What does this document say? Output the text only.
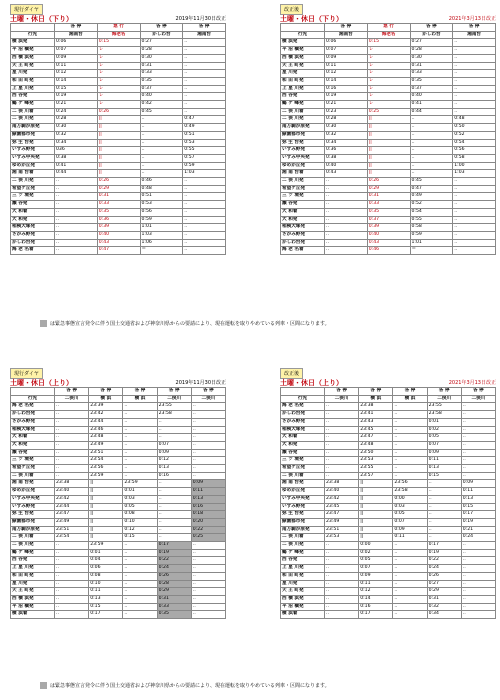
現行ダイヤ
土曜・休日（下り）	2019年11月30日改正
	各 停	急 行	各 停	各 停
行先	湘南台	海老名	かしわ台	湘南台
横 浜発	0:06	0:15	0:27	‥
平 沼 橋発	0:07	レ	0:28	‥
西 横 浜発	0:09	レ	0:30	‥
天 王 町発	0:11	レ	0:31	‥
星 川発	0:12	レ	0:33	‥
和 田 町発	0:14	レ	0:35	‥
上 星 川発	0:15	レ	0:37	‥
西 谷発	0:19	レ	0:40	‥
鶴 ケ 峰発	0:21	レ	0:42	‥
二 俣 川着	0:24	0:26	0:45	‥
二 俣 川発	0:28	||	‥	0:47
南万騎が原発	0:30	||	‥	0:49
緑園都市発	0:32	||	‥	0:51
弥 生 台発	0:34	||	‥	0:53
いずみ野発	036	||	‥	0:55
いずみ中央発	0:38	||	‥	0:57
ゆめが丘発	0:41	||	‥	0:59
湘 南 台着	0:44	||	‥	1:03
二 俣 川発	‥	0:26	0:46	‥
希望ケ丘発	‥	0:29	0:48	‥
三 ツ 境発	‥	0:31	0:51	‥
瀬 谷発	‥	0:33	0:53	‥
大 和着	‥	0:35	0:56	‥
大 和発	‥	0:36	0:59	‥
相模大塚発	‥	0:39	1:01	‥
さがみ野発	‥	0:40	1:03	‥
かしわ台発	‥	0:43	1:06	‥
海 老 名着	‥	0:47	＝	‥
改正後
土曜・休日（下り）	2021年3月13日改正
	各 停	急 行	各 停	各 停
行先	湘南台	海老名	かしわ台	湘南台
横 浜発	0:06	0:15	0:27	‥
平 沼 橋発	0:07	レ	0:28	‥
西 横 浜発	0:09	レ	0:30	‥
天 王 町発	0:11	レ	0:31	‥
星 川発	0:12	レ	0:33	‥
和 田 町発	0:14	レ	0:35	‥
上 星 川発	0:16	レ	0:37	‥
西 谷発	0:19	レ	0:40	‥
鶴 ケ 峰発	0:21	レ	0:41	‥
二 俣 川着	0:23	0:25	0:44	‥
二 俣 川発	0:28	||	‥	0:48
南万騎が原発	0:30	||	‥	0:50
緑園都市発	0:32	||	‥	0:52
弥 生 台発	0:34	||	‥	0:54
いずみ野発	0:36	||	‥	0:56
いずみ中央発	0:38	||	‥	0:58
ゆめが丘発	0:40	||	‥	1:00
湘 南 台着	0:43	||	‥	1:03
二 俣 川発	‥	0:26	0:45	‥
希望ケ丘発	‥	0:29	0:47	‥
三 ツ 境発	‥	0:31	0:49	‥
瀬 谷発	‥	0:33	0:52	‥
大 和着	‥	0:35	0:54	‥
大 和発	‥	0:37	0:55	‥
相模大塚発	‥	0:39	0:58	‥
さがみ野発	‥	0:40	0:59	‥
かしわ台発	‥	0:43	1:01	‥
海 老 名着	‥	0:46	＝	‥
は緊急事態宣言発令に伴う国土交通省および神奈川県からの要請により、現在運転を取りやめている列車・区間になります。
現行ダイヤ
土曜・休日（上り）	2019年11月30日改正
	各 停	各 停	各 停	各 停	各 停
行先	二俣川	横 浜	横 浜	二俣川	二俣川
海 老 名発	‥	23:39	‥	23:55	‥
かしわ台発	‥	23:42	‥	23:58	‥
さがみ野発	‥	23:44	‥	‥	‥
相模大塚発	‥	23:46	‥	‥	‥
大 和着	‥	23:48	‥	‥	‥
大 和発	‥	23:49	‥	0:07	‥
瀬 谷発	‥	23:51	‥	0:09	‥
三 ツ 境発	‥	23:54	‥	0:12	‥
希望ケ丘発	‥	23:56	‥	0:13	‥
二 俣 川着	‥	23:59	‥	0:16	‥
湘 南 台発	23:38	||	23:59	‥	0:09
ゆめが丘発	23:40	||	0:01	‥	0:11
いずみ中央発	23:42	||	0:03	‥	0:13
いずみ野発	23:44	||	0:05	‥	0:16
弥 生 台発	23:47	||	0:08	‥	0:18
緑園都市発	23:49	||	0:10	‥	0:20
南万騎が原発	23:51	||	0:12	‥	0:22
二 俣 川着	23:54	||	0:15	‥	0:25
二 俣 川発	‥	23:59	‥	0:17	‥
鶴 ケ 峰発	‥	0:01	‥	0:19	‥
西 谷発	‥	0:04	‥	0:22	‥
上 星 川発	‥	0:06	‥	0:24	‥
和 田 町発	‥	0:08	‥	0:26	‥
星 川発	‥	0:10	‥	0:28	‥
天 王 町発	‥	0:11	‥	0:29	‥
西 横 浜発	‥	0:13	‥	0:31	‥
平 沼 橋発	‥	0:15	‥	0:33	‥
横 浜着	‥	0:17	‥	0:35	‥
改正後
土曜・休日（上り）	2021年3月13日改正
	各 停	各 停	各 停	各 停	各 停
行先	二俣川	横 浜	横 浜	二俣川	二俣川
海 老 名発	‥	23:38	‥	23:55	‥
かしわ台発	‥	23:41	‥	23:58	‥
さがみ野発	‥	23:43	‥	0:01	‥
相模大塚発	‥	23:45	‥	0:02	‥
大 和着	‥	23:47	‥	0:05	‥
大 和発	‥	23:48	‥	0:07	‥
瀬 谷発	‥	23:50	‥	0:09	‥
三 ツ 境発	‥	23:53	‥	0:11	‥
希望ケ丘発	‥	23:55	‥	0:13	‥
二 俣 川着	‥	23:57	‥	0:15	‥
湘 南 台発	23:38	||	23:56	‥	0:09
ゆめが丘発	23:40	||	23:58	‥	0:11
いずみ中央発	23:42	||	0:00	‥	0:13
いずみ野発	23:45	||	0:03	‥	0:15
弥 生 台発	23:47	||	0:05	‥	0:17
緑園都市発	23:49	||	0:07	‥	0:19
南万騎が原発	23:51	||	0:09	‥	0:21
二 俣 川着	23:53	||	0:11	‥	0:24
二 俣 川発	‥	0:00	‥	0:17	‥
鶴 ケ 峰発	‥	0:02	‥	0:19	‥
西 谷発	‥	0:05	‥	0:22	‥
上 星 川発	‥	0:07	‥	0:24	‥
和 田 町発	‥	0:09	‥	0:26	‥
星 川発	‥	0:11	‥	0:27	‥
天 王 町発	‥	0:12	‥	0:29	‥
西 横 浜発	‥	0:14	‥	0:31	‥
平 沼 橋発	‥	0:16	‥	0:32	‥
横 浜着	‥	0:17	‥	0:34	‥
は緊急事態宣言発令に伴う国土交通省および神奈川県からの要請により、現在運転を取りやめている列車・区間になります。
